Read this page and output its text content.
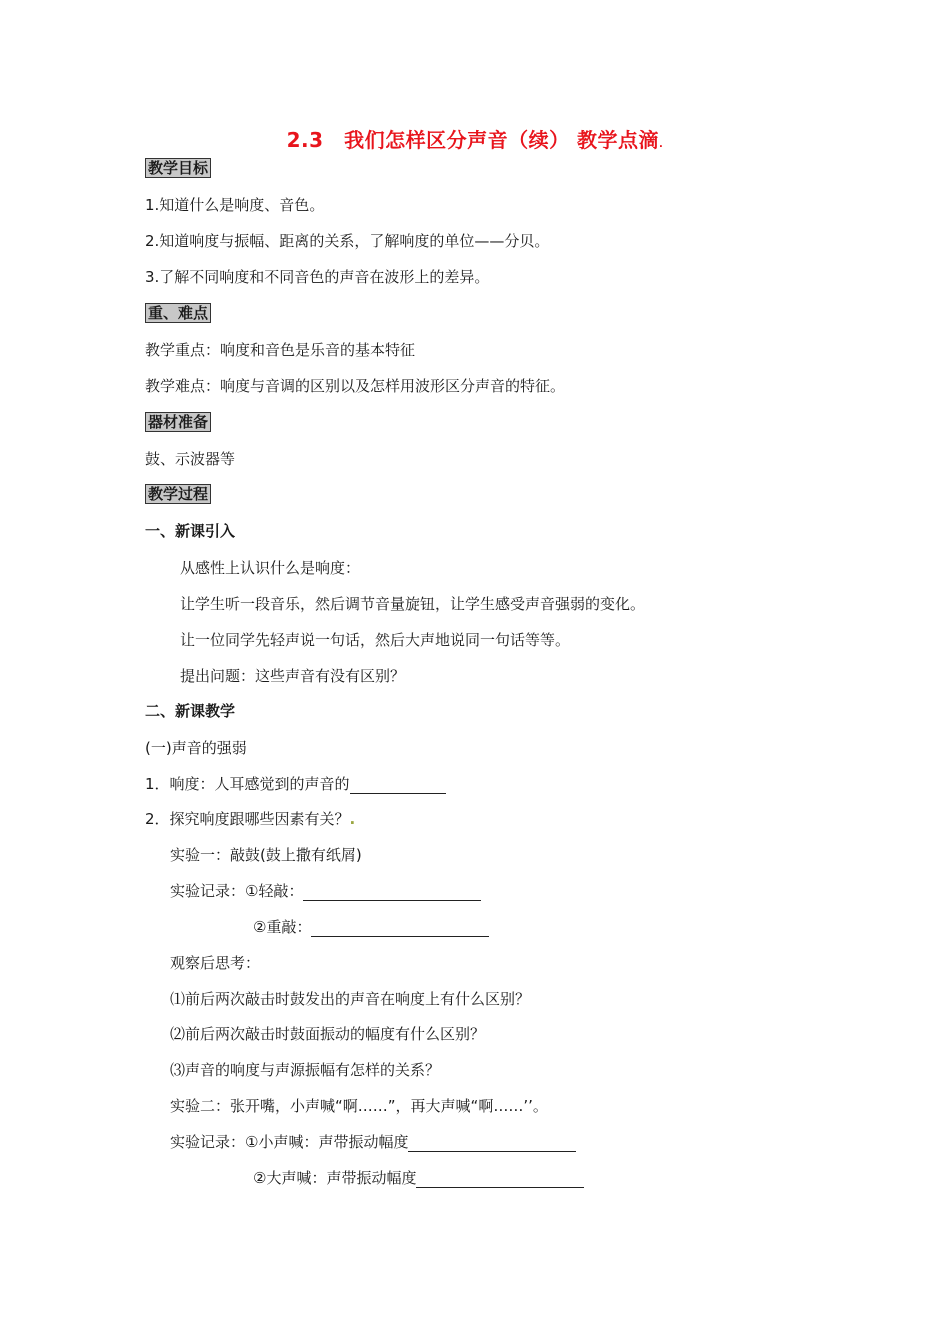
2.3　我们怎样区分声音（续） 教学点滴.
教学目标
1.知道什么是响度、音色。
2.知道响度与振幅、距离的关系，了解响度的单位——分贝。
3.了解不同响度和不同音色的声音在波形上的差异。
重、难点
教学重点：响度和音色是乐音的基本特征
教学难点：响度与音调的区别以及怎样用波形区分声音的特征。
器材准备
鼓、示波器等
教学过程
一、新课引入
从感性上认识什么是响度：
让学生听一段音乐，然后调节音量旋钮，让学生感受声音强弱的变化。
让一位同学先轻声说一句话，然后大声地说同一句话等等。
提出问题：这些声音有没有区别？
二、新课教学
(一)声音的强弱
1．响度：人耳感觉到的声音的
2．探究响度跟哪些因素有关？.
实验一：敲鼓(鼓上撒有纸屑)
实验记录：①轻敲：
②重敲：
观察后思考：
⑴前后两次敲击时鼓发出的声音在响度上有什么区别？
⑵前后两次敲击时鼓面振动的幅度有什么区别？
⑶声音的响度与声源振幅有怎样的关系？
实验二：张开嘴，小声喊“啊……”，再大声喊“啊……’’。
实验记录：①小声喊：声带振动幅度
②大声喊：声带振动幅度
